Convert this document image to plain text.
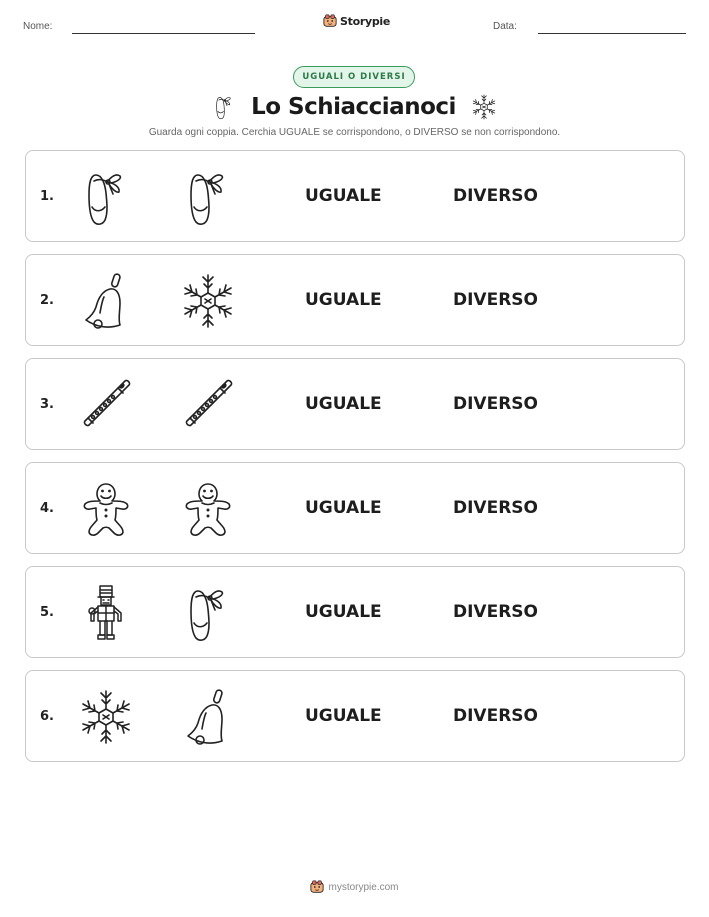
Nome:	Storypie	Data:
UGUALI O DIVERSI
Lo Schiaccianoci
Guarda ogni coppia. Cerchia UGUALE se corrispondono, o DIVERSO se non corrispondono.
1.	UGUALE	DIVERSO
2.	UGUALE	DIVERSO
3.	UGUALE	DIVERSO
4.	UGUALE	DIVERSO
5.	UGUALE	DIVERSO
6.	UGUALE	DIVERSO
mystorypie.com
